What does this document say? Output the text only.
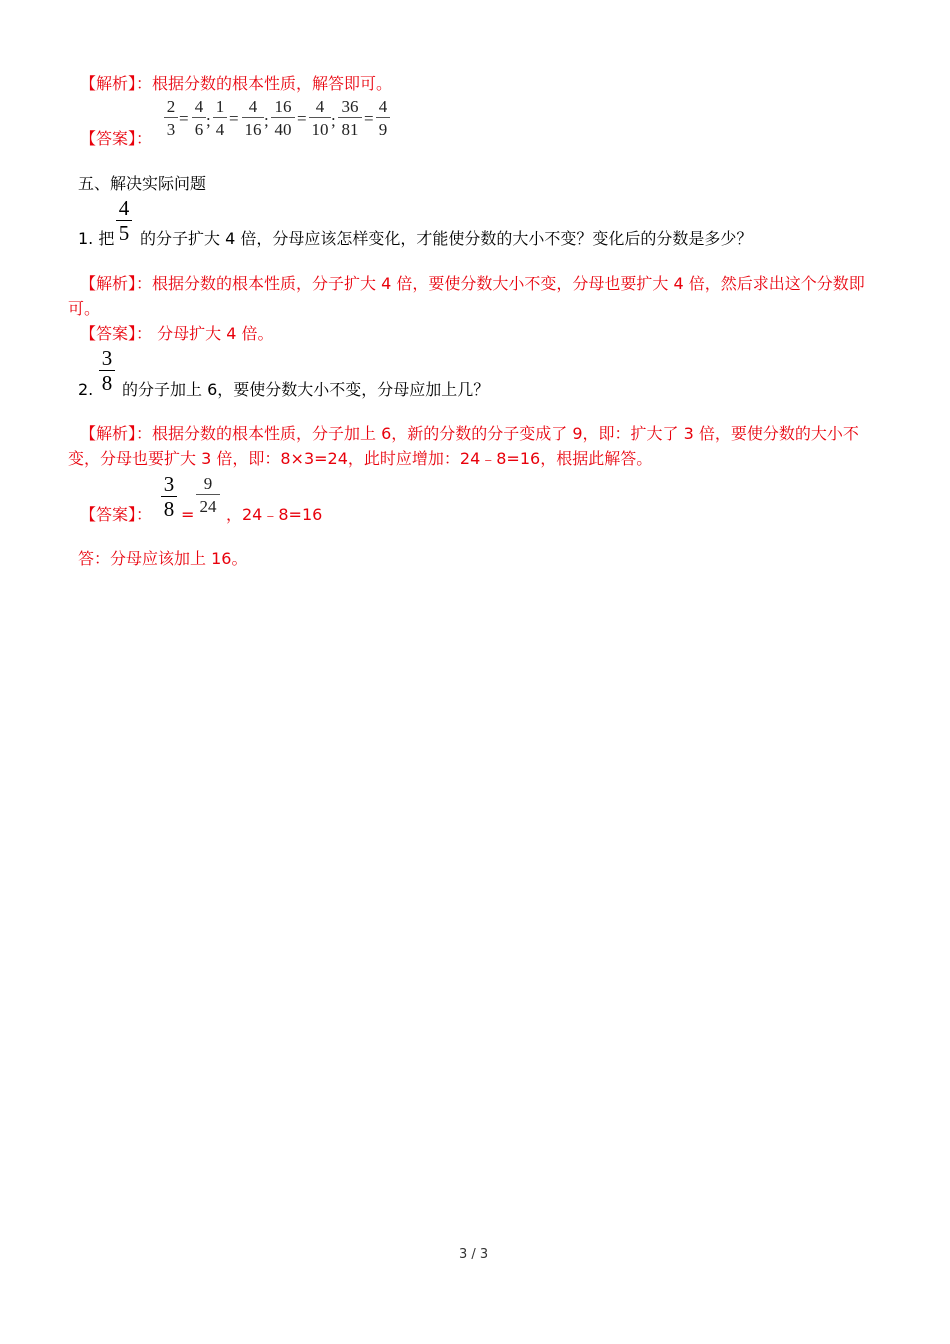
【解析】：根据分数的根本性质，解答即可。
【答案】：
2
3
=
4
6 ;
1
4
=
4
16 ;
16
40
=
4
10 ;
36
81
=
4
9
五、解决实际问题
1. 把
4
5 的分子扩大 4 倍，分母应该怎样变化，才能使分数的大小不变？变化后的分数是多少？
【解析】：根据分数的根本性质，分子扩大 4 倍，要使分数大小不变，分母也要扩大 4 倍，然后求出这个分数即
可。
【答案】： 分母扩大 4 倍。
2.
3
8 的分子加上 6，要使分数大小不变，分母应加上几？
【解析】：根据分数的根本性质，分子加上 6，新的分数的分子变成了 9，即：扩大了 3 倍，要使分数的大小不
变，分母也要扩大 3 倍，即：8×3=24，此时应增加：24﹣8=16，根据此解答。
【答案】：
3
8 =
9
24 ，24﹣8=16
答：分母应该加上 16。
3 / 3
